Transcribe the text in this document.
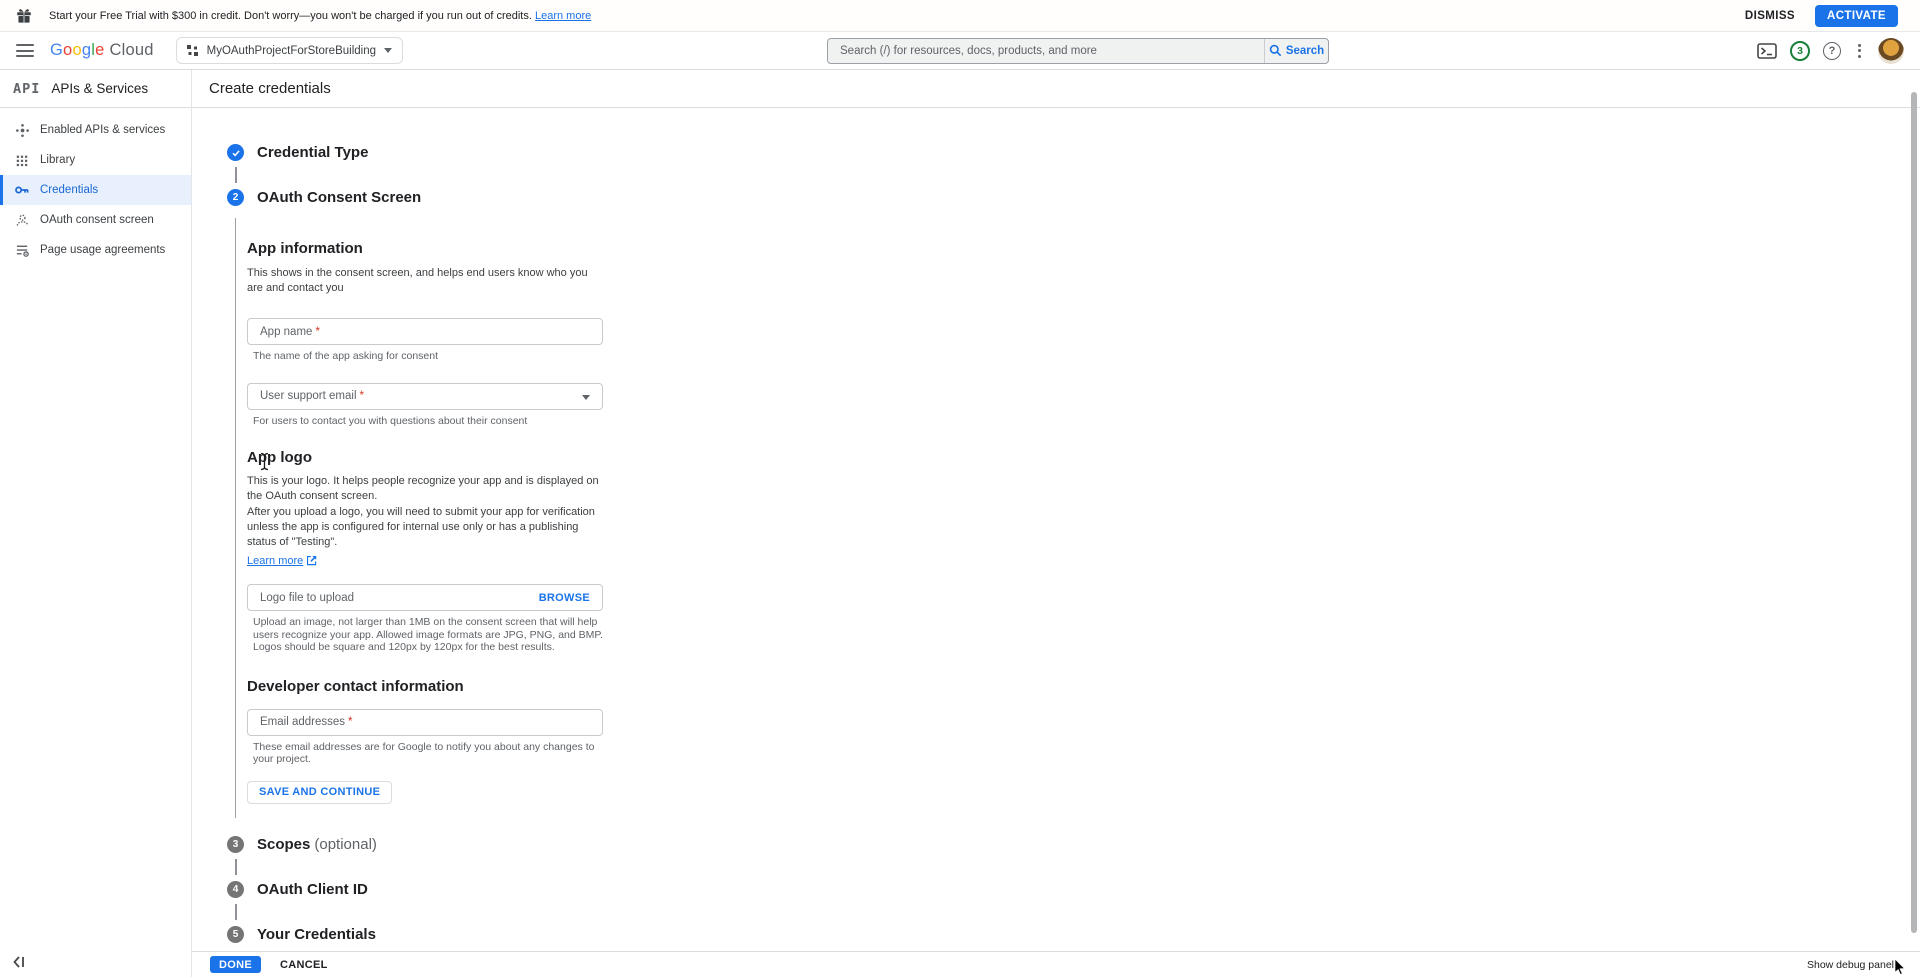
Start your Free Trial with $300 in credit. Don't worry—you won't be charged if you run out of credits. Learn more	DISMISS	ACTIVATE
Google Cloud	MyOAuthProjectForStoreBuilding	Search (/) for resources, docs, products, and more	Search	3	?
API APIs & Services
Enabled APIs & services
Library
Credentials
OAuth consent screen
Page usage agreements
Create credentials
Credential Type
2	OAuth Consent Screen
App information
This shows in the consent screen, and helps end users know who you are and contact you
App name *
The name of the app asking for consent
User support email *
For users to contact you with questions about their consent
App logo
This is your logo. It helps people recognize your app and is displayed on the OAuth consent screen.
After you upload a logo, you will need to submit your app for verification unless the app is configured for internal use only or has a publishing status of "Testing".
Learn more
Logo file to upload	BROWSE
Upload an image, not larger than 1MB on the consent screen that will help users recognize your app. Allowed image formats are JPG, PNG, and BMP. Logos should be square and 120px by 120px for the best results.
Developer contact information
Email addresses *
These email addresses are for Google to notify you about any changes to your project.
SAVE AND CONTINUE
3	Scopes (optional)
4	OAuth Client ID
5	Your Credentials
DONE	CANCEL	Show debug panel
